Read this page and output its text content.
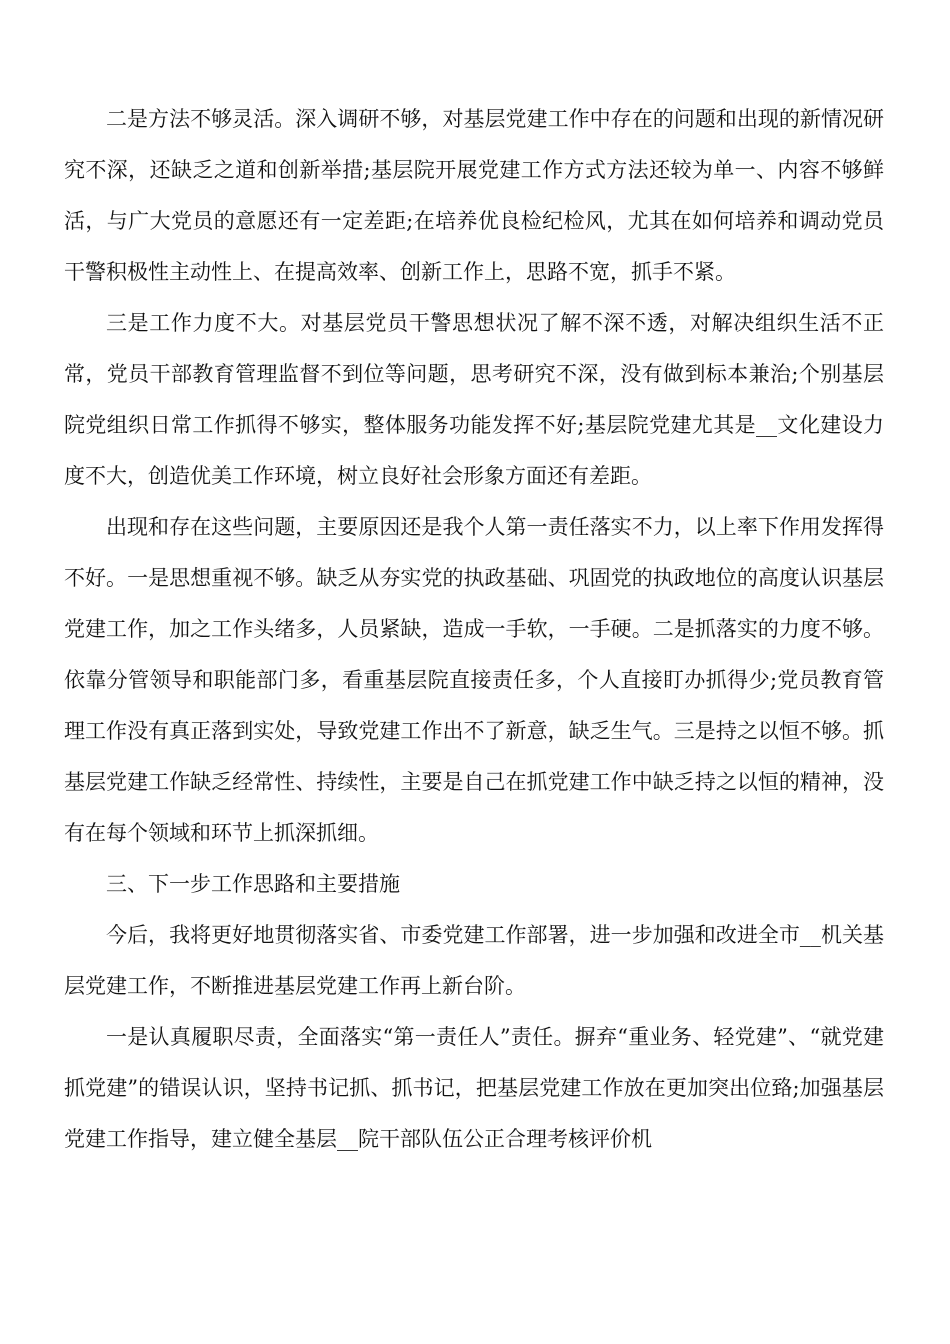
二是方法不够灵活。深入调研不够，对基层党建工作中存在的问题和出现的新情况研究不深，还缺乏之道和创新举措;基层院开展党建工作方式方法还较为单一、内容不够鲜活，与广大党员的意愿还有一定差距;在培养优良检纪检风，尤其在如何培养和调动党员干警积极性主动性上、在提高效率、创新工作上，思路不宽，抓手不紧。

三是工作力度不大。对基层党员干警思想状况了解不深不透，对解决组织生活不正常，党员干部教育管理监督不到位等问题，思考研究不深，没有做到标本兼治;个别基层院党组织日常工作抓得不够实，整体服务功能发挥不好;基层院党建尤其是__文化建设力度不大，创造优美工作环境，树立良好社会形象方面还有差距。

出现和存在这些问题，主要原因还是我个人第一责任落实不力，以上率下作用发挥得不好。一是思想重视不够。缺乏从夯实党的执政基础、巩固党的执政地位的高度认识基层党建工作，加之工作头绪多，人员紧缺，造成一手软，一手硬。二是抓落实的力度不够。依靠分管领导和职能部门多，看重基层院直接责任多，个人直接盯办抓得少;党员教育管理工作没有真正落到实处，导致党建工作出不了新意，缺乏生气。三是持之以恒不够。抓基层党建工作缺乏经常性、持续性，主要是自己在抓党建工作中缺乏持之以恒的精神，没有在每个领域和环节上抓深抓细。

三、下一步工作思路和主要措施

今后，我将更好地贯彻落实省、市委党建工作部署，进一步加强和改进全市__机关基层党建工作，不断推进基层党建工作再上新台阶。

一是认真履职尽责，全面落实“第一责任人”责任。摒弃“重业务、轻党建”、“就党建抓党建”的错误认识，坚持书记抓、抓书记，把基层党建工作放在更加突出位臵;加强基层党建工作指导，建立健全基层__院干部队伍公正合理考核评价机
